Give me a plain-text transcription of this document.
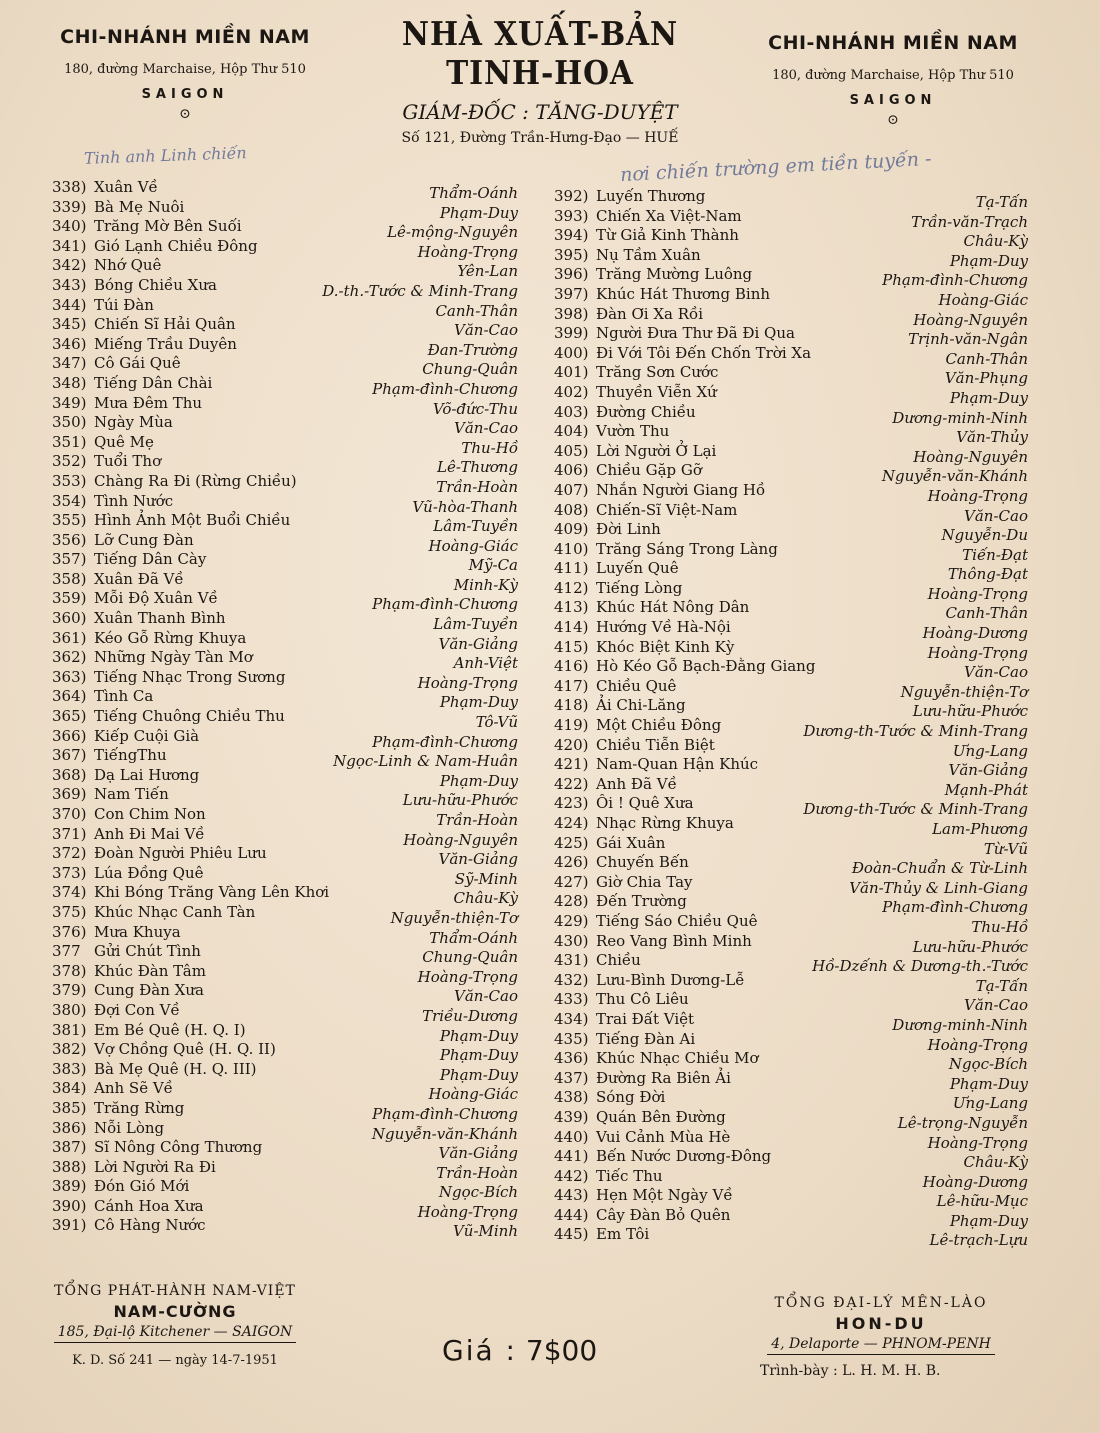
CHI-NHÁNH MIỀN NAM
180, đường Marchaise, Hộp Thư 510
SAIGON
⊙
NHÀ XUẤT-BẢN TINH-HOA
GIÁM-ĐỐC : TĂNG-DUYỆT
Số 121, Đường Trần-Hưng-Đạo — HUẾ
CHI-NHÁNH MIỀN NAM
180, đường Marchaise, Hộp Thư 510
SAIGON
⊙
Tinh anh Linh chiến	nơi chiến trường em tiền tuyến -
338) Xuân Về	Thẩm-Oánh
339) Bà Mẹ Nuôi	Phạm-Duy
340) Trăng Mờ Bên Suối	Lê-mộng-Nguyên
341) Gió Lạnh Chiều Đông	Hoàng-Trọng
342) Nhớ Quê	Yên-Lan
343) Bóng Chiều Xưa	D.-th.-Tước & Minh-Trang
344) Túi Đàn	Canh-Thân
345) Chiến Sĩ Hải Quân	Văn-Cao
346) Miếng Trầu Duyên	Đan-Trường
347) Cô Gái Quê	Chung-Quân
348) Tiếng Dân Chài	Phạm-đình-Chương
349) Mưa Đêm Thu	Võ-đức-Thu
350) Ngày Mùa	Văn-Cao
351) Quê Mẹ	Thu-Hồ
352) Tuổi Thơ	Lê-Thương
353) Chàng Ra Đi (Rừng Chiều)	Trần-Hoàn
354) Tình Nước	Vũ-hòa-Thanh
355) Hình Ảnh Một Buổi Chiều	Lâm-Tuyền
356) Lỡ Cung Đàn	Hoàng-Giác
357) Tiếng Dân Cày	Mỹ-Ca
358) Xuân Đã Về	Minh-Kỳ
359) Mỗi Độ Xuân Về	Phạm-đình-Chương
360) Xuân Thanh Bình	Lâm-Tuyền
361) Kéo Gỗ Rừng Khuya	Văn-Giảng
362) Những Ngày Tàn Mơ	Anh-Việt
363) Tiếng Nhạc Trong Sương	Hoàng-Trọng
364) Tình Ca	Phạm-Duy
365) Tiếng Chuông Chiều Thu	Tô-Vũ
366) Kiếp Cuội Già	Phạm-đình-Chương
367) TiếngThu	Ngọc-Linh & Nam-Huân
368) Dạ Lai Hương	Phạm-Duy
369) Nam Tiến	Lưu-hữu-Phước
370) Con Chim Non	Trần-Hoàn
371) Anh Đi Mai Về	Hoàng-Nguyên
372) Đoàn Người Phiêu Lưu	Văn-Giảng
373) Lúa Đồng Quê	Sỹ-Minh
374) Khi Bóng Trăng Vàng Lên Khơi	Châu-Kỳ
375) Khúc Nhạc Canh Tàn	Nguyễn-thiện-Tơ
376) Mưa Khuya	Thẩm-Oánh
377 Gửi Chút Tình	Chung-Quân
378) Khúc Đàn Tâm	Hoàng-Trọng
379) Cung Đàn Xưa	Văn-Cao
380) Đợi Con Về	Triều-Dương
381) Em Bé Quê (H. Q. I)	Phạm-Duy
382) Vợ Chồng Quê (H. Q. II)	Phạm-Duy
383) Bà Mẹ Quê (H. Q. III)	Phạm-Duy
384) Anh Sẽ Về	Hoàng-Giác
385) Trăng Rừng	Phạm-đình-Chương
386) Nỗi Lòng	Nguyễn-văn-Khánh
387) Sĩ Nông Công Thương	Văn-Giảng
388) Lời Người Ra Đi	Trần-Hoàn
389) Đón Gió Mới	Ngọc-Bích
390) Cánh Hoa Xưa	Hoàng-Trọng
391) Cô Hàng Nước	Vũ-Minh
392) Luyến Thương	Tạ-Tấn
393) Chiến Xa Việt-Nam	Trần-văn-Trạch
394) Từ Giả Kinh Thành	Châu-Kỳ
395) Nụ Tầm Xuân	Phạm-Duy
396) Trăng Mường Luông	Phạm-đình-Chương
397) Khúc Hát Thương Binh	Hoàng-Giác
398) Đàn Ơi Xa Rồi	Hoàng-Nguyên
399) Người Đưa Thư Đã Đi Qua	Trịnh-văn-Ngân
400) Đi Với Tôi Đến Chốn Trời Xa	Canh-Thân
401) Trăng Sơn Cước	Văn-Phụng
402) Thuyền Viễn Xứ	Phạm-Duy
403) Đường Chiều	Dương-minh-Ninh
404) Vườn Thu	Văn-Thủy
405) Lời Người Ở Lại	Hoàng-Nguyên
406) Chiều Gặp Gỡ	Nguyễn-văn-Khánh
407) Nhắn Người Giang Hồ	Hoàng-Trọng
408) Chiến-Sĩ Việt-Nam	Văn-Cao
409) Đời Linh	Nguyễn-Du
410) Trăng Sáng Trong Làng	Tiến-Đạt
411) Luyến Quê	Thông-Đạt
412) Tiếng Lòng	Hoàng-Trọng
413) Khúc Hát Nông Dân	Canh-Thân
414) Hướng Về Hà-Nội	Hoàng-Dương
415) Khóc Biệt Kinh Kỳ	Hoàng-Trọng
416) Hò Kéo Gỗ Bạch-Đằng Giang	Văn-Cao
417) Chiều Quê	Nguyễn-thiện-Tơ
418) Ải Chi-Lăng	Lưu-hữu-Phước
419) Một Chiều Đông	Dương-th-Tước & Minh-Trang
420) Chiều Tiễn Biệt	Ưng-Lang
421) Nam-Quan Hận Khúc	Văn-Giảng
422) Anh Đã Về	Mạnh-Phát
423) Ôi ! Quê Xưa	Dương-th-Tước & Minh-Trang
424) Nhạc Rừng Khuya	Lam-Phương
425) Gái Xuân	Từ-Vũ
426) Chuyến Bến	Đoàn-Chuẩn & Từ-Linh
427) Giờ Chia Tay	Văn-Thủy & Linh-Giang
428) Đến Trường	Phạm-đình-Chương
429) Tiếng Sáo Chiều Quê	Thu-Hồ
430) Reo Vang Bình Minh	Lưu-hữu-Phước
431) Chiều	Hồ-Dzếnh & Dương-th.-Tước
432) Lưu-Bình Dương-Lễ	Tạ-Tấn
433) Thu Cô Liêu	Văn-Cao
434) Trai Đất Việt	Dương-minh-Ninh
435) Tiếng Đàn Ai	Hoàng-Trọng
436) Khúc Nhạc Chiều Mơ	Ngọc-Bích
437) Đường Ra Biên Ải	Phạm-Duy
438) Sóng Đời	Ưng-Lang
439) Quán Bên Đường	Lê-trọng-Nguyễn
440) Vui Cảnh Mùa Hè	Hoàng-Trọng
441) Bến Nước Dương-Đông	Châu-Kỳ
442) Tiếc Thu	Hoàng-Dương
443) Hẹn Một Ngày Về	Lê-hữu-Mục
444) Cây Đàn Bỏ Quên	Phạm-Duy
445) Em Tôi	Lê-trạch-Lựu
TỔNG PHÁT-HÀNH NAM-VIỆT
NAM-CƯỜNG
185, Đại-lộ Kitchener — SAIGON
K. D. Số 241 — ngày 14-7-1951	Giá : 7$00
TỔNG ĐẠI-LÝ MÊN-LÀO
HON-DU
4, Delaporte — PHNOM-PENH
Trình-bày : L. H. M. H. B.
